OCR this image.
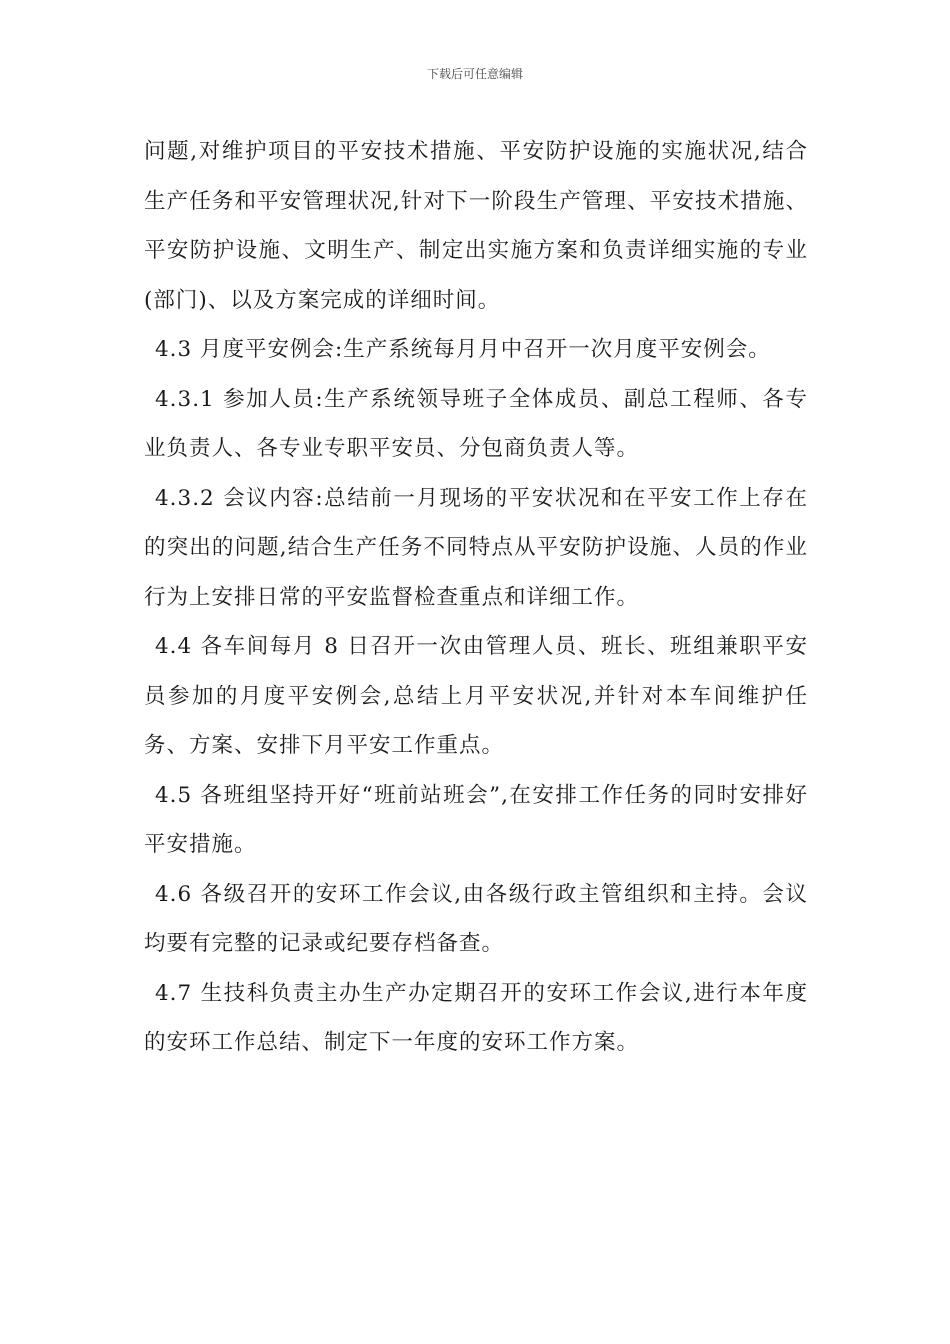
下载后可任意编辑

问题,对维护项目的平安技术措施、平安防护设施的实施状况,结合生产任务和平安管理状况,针对下一阶段生产管理、平安技术措施、平安防护设施、文明生产、制定出实施方案和负责详细实施的专业(部门)、以及方案完成的详细时间。

4.3 月度平安例会:生产系统每月月中召开一次月度平安例会。

4.3.1 参加人员:生产系统领导班子全体成员、副总工程师、各专业负责人、各专业专职平安员、分包商负责人等。

4.3.2 会议内容:总结前一月现场的平安状况和在平安工作上存在的突出的问题,结合生产任务不同特点从平安防护设施、人员的作业行为上安排日常的平安监督检查重点和详细工作。

4.4 各车间每月 8 日召开一次由管理人员、班长、班组兼职平安员参加的月度平安例会,总结上月平安状况,并针对本车间维护任务、方案、安排下月平安工作重点。

4.5 各班组坚持开好“班前站班会”,在安排工作任务的同时安排好平安措施。

4.6 各级召开的安环工作会议,由各级行政主管组织和主持。会议均要有完整的记录或纪要存档备查。

4.7 生技科负责主办生产办定期召开的安环工作会议,进行本年度的安环工作总结、制定下一年度的安环工作方案。
